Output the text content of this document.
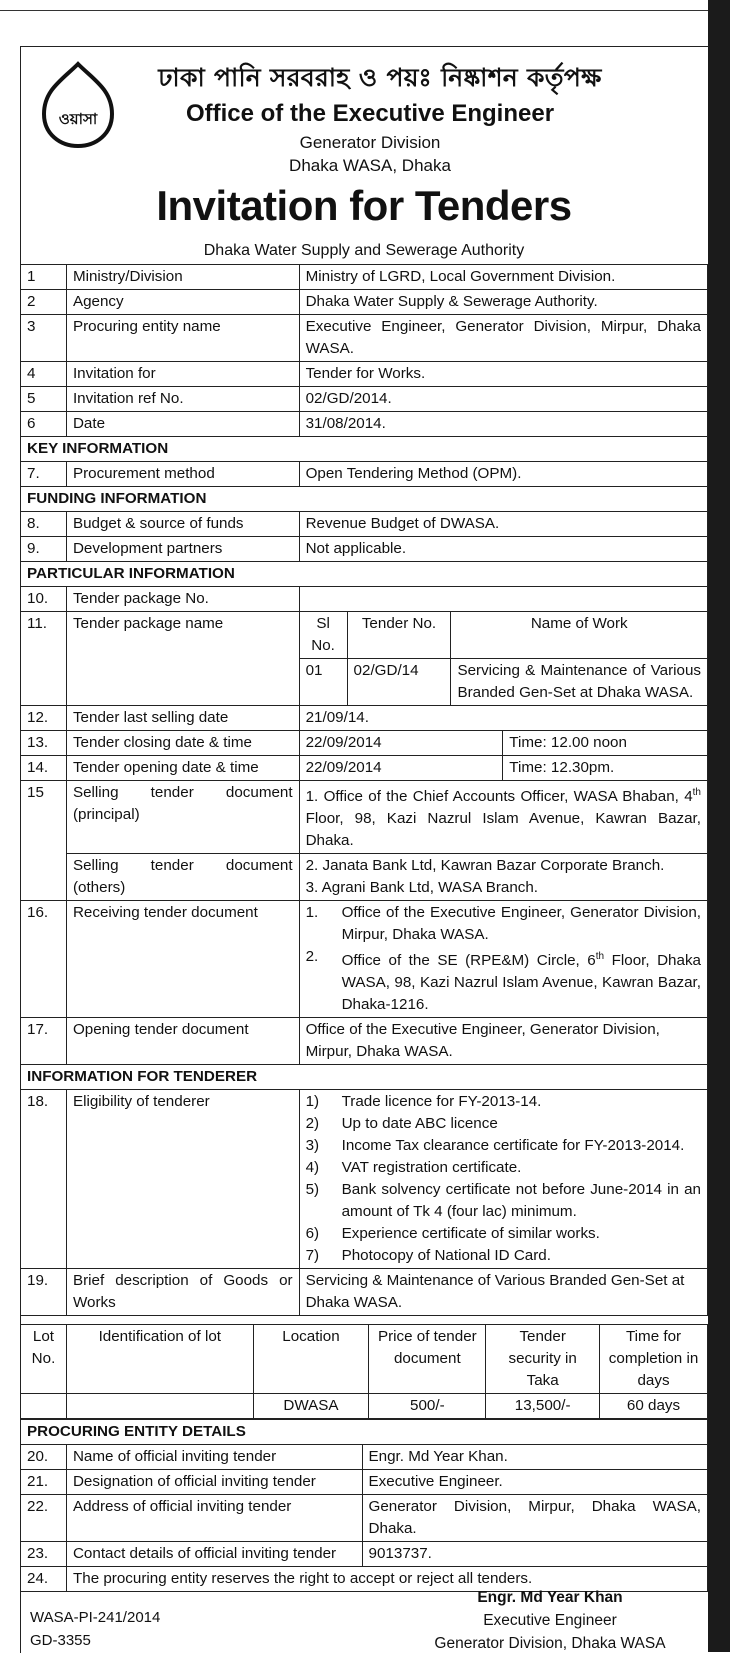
ওয়াসা
ঢাকা পানি সরবরাহ ও পয়ঃ নিষ্কাশন কর্তৃপক্ষ
Office of the Executive Engineer
Generator Division
Dhaka WASA, Dhaka
Invitation for Tenders
Dhaka Water Supply and Sewerage Authority
1	Ministry/Division	Ministry of LGRD, Local Government Division.
2	Agency	Dhaka Water Supply & Sewerage Authority.
3	Procuring entity name	Executive Engineer, Generator Division, Mirpur, Dhaka WASA.
4	Invitation for	Tender for Works.
5	Invitation ref No.	02/GD/2014.
6	Date	31/08/2014.
KEY INFORMATION
7.	Procurement method	Open Tendering Method (OPM).
FUNDING INFORMATION
8.	Budget & source of funds	Revenue Budget of DWASA.
9.	Development partners	Not applicable.
PARTICULAR INFORMATION
10.	Tender package No.	
11.	Tender package name	Sl No.	Tender No.	Name of Work
01	02/GD/14	Servicing & Maintenance of Various Branded Gen-Set at Dhaka WASA.
12.	Tender last selling date	21/09/14.
13.	Tender closing date & time	22/09/2014	Time: 12.00 noon
14.	Tender opening date & time	22/09/2014	Time: 12.30pm.
15	Selling tender document (principal)	1. Office of the Chief Accounts Officer, WASA Bhaban, 4th Floor, 98, Kazi Nazrul Islam Avenue, Kawran Bazar, Dhaka.
Selling tender document (others)	
2. Janata Bank Ltd, Kawran Bazar Corporate Branch.
3. Agrani Bank Ltd, WASA Branch.

16.	Receiving tender document		1.	Office of the Executive Engineer, Generator Division, Mirpur, Dhaka WASA.
2.	Office of the SE (RPE&M) Circle, 6th Floor, Dhaka WASA, 98, Kazi Nazrul Islam Avenue, Kawran Bazar, Dhaka-1216.

17.	Opening tender document	Office of the Executive Engineer, Generator Division, Mirpur, Dhaka WASA.
INFORMATION FOR TENDERER
18.	Eligibility of tenderer		1)	Trade licence for FY-2013-14.
2)	Up to date ABC licence
3)	Income Tax clearance certificate for FY-2013-2014.
4)	VAT registration certificate.
5)	Bank solvency certificate not before June-2014 in an amount of Tk 4 (four lac) minimum.
6)	Experience certificate of similar works.
7)	Photocopy of National ID Card.

19.	Brief description of Goods or Works	Servicing & Maintenance of Various Branded Gen-Set at Dhaka WASA.
Lot No.	Identification of lot	Location	Price of tender document	Tender security in Taka	Time for completion in days
		DWASA	500/-	13,500/-	60 days
PROCURING ENTITY DETAILS		
20.	Name of official inviting tender	Engr. Md Year Khan.
21.	Designation of official inviting tender	Executive Engineer.
22.	Address of official inviting tender	Generator Division, Mirpur, Dhaka WASA, Dhaka.
23.	Contact details of official inviting tender	9013737.
24.	The procuring entity reserves the right to accept or reject all tenders.	
WASA-PI-241/2014
GD-3355
Engr. Md Year Khan
Executive Engineer
Generator Division, Dhaka WASA
